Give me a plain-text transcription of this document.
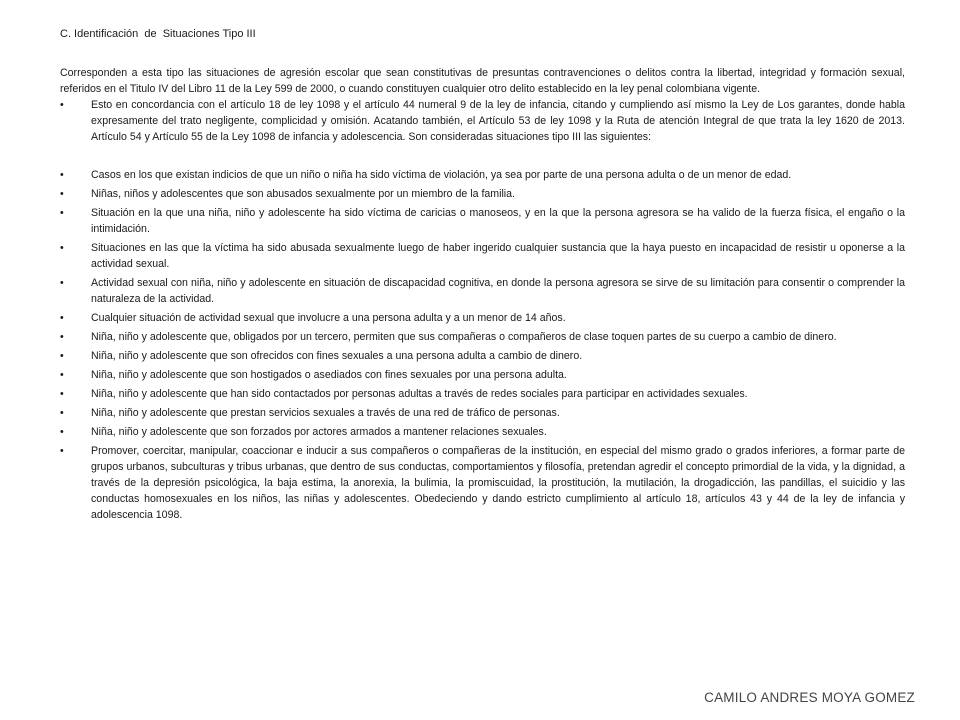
C. Identificación  de  Situaciones Tipo III

Corresponden a esta tipo las situaciones de agresión escolar que sean constitutivas de presuntas contravenciones o delitos contra la libertad, integridad y formación sexual, referidos en el Titulo IV del Libro 11 de la Ley 599 de 2000, o cuando constituyen cualquier otro delito establecido en la ley penal colombiana vigente.

•	Esto en concordancia con el artículo 18 de ley 1098 y el artículo 44 numeral 9 de la ley de infancia, citando y cumpliendo así mismo la Ley de Los garantes, donde habla expresamente del trato negligente, complicidad y omisión. Acatando también, el Artículo 53 de ley 1098 y la Ruta de atención Integral de que trata la ley 1620 de 2013. Artículo 54 y Artículo 55 de la Ley 1098 de infancia y adolescencia. Son consideradas situaciones tipo III las siguientes:
•	Casos en los que existan indicios de que un niño o niña ha sido víctima de violación, ya sea por parte de una persona adulta o de un menor de edad.
•	Niñas, niños y adolescentes que son abusados sexualmente por un miembro de la familia.
•	Situación en la que una niña, niño y adolescente ha sido víctima de caricias o manoseos, y en la que la persona agresora se ha valido de la fuerza física, el engaño o la intimidación.
•	Situaciones en las que la víctima ha sido abusada sexualmente luego de haber ingerido cualquier sustancia que la haya puesto en incapacidad de resistir u oponerse a la actividad sexual.
•	Actividad sexual con niña, niño y adolescente en situación de discapacidad cognitiva, en donde la persona agresora se sirve de su limitación para consentir o comprender la naturaleza de la actividad.
•	Cualquier situación de actividad sexual que involucre a una persona adulta y a un menor de 14 años.
•	Niña, niño y adolescente que, obligados por un tercero, permiten que sus compañeras o compañeros de clase toquen partes de su cuerpo a cambio de dinero.
•	Niña, niño y adolescente que son ofrecidos con fines sexuales a una persona adulta a cambio de dinero.
•	Niña, niño y adolescente que son hostigados o asediados con fines sexuales por una persona adulta.
•	Niña, niño y adolescente que han sido contactados por personas adultas a través de redes sociales para participar en actividades sexuales.
•	Niña, niño y adolescente que prestan servicios sexuales a través de una red de tráfico de personas.
•	Niña, niño y adolescente que son forzados por actores armados a mantener relaciones sexuales.
•	Promover, coercitar, manipular, coaccionar e inducir a sus compañeros o compañeras de la institución, en especial del mismo grado o grados inferiores, a formar parte de grupos urbanos, subculturas y tribus urbanas, que dentro de sus conductas, comportamientos y filosofía, pretendan agredir el concepto primordial de la vida, y la dignidad, a través de la depresión psicológica, la baja estima, la anorexia, la bulimia, la promiscuidad, la prostitución, la mutilación, la drogadicción, las pandillas, el suicidio y las conductas homosexuales en los niños, las niñas y adolescentes. Obedeciendo y dando estricto cumplimiento al artículo 18, artículos 43 y 44 de la ley de infancia y adolescencia 1098.
CAMILO ANDRES MOYA GOMEZ
